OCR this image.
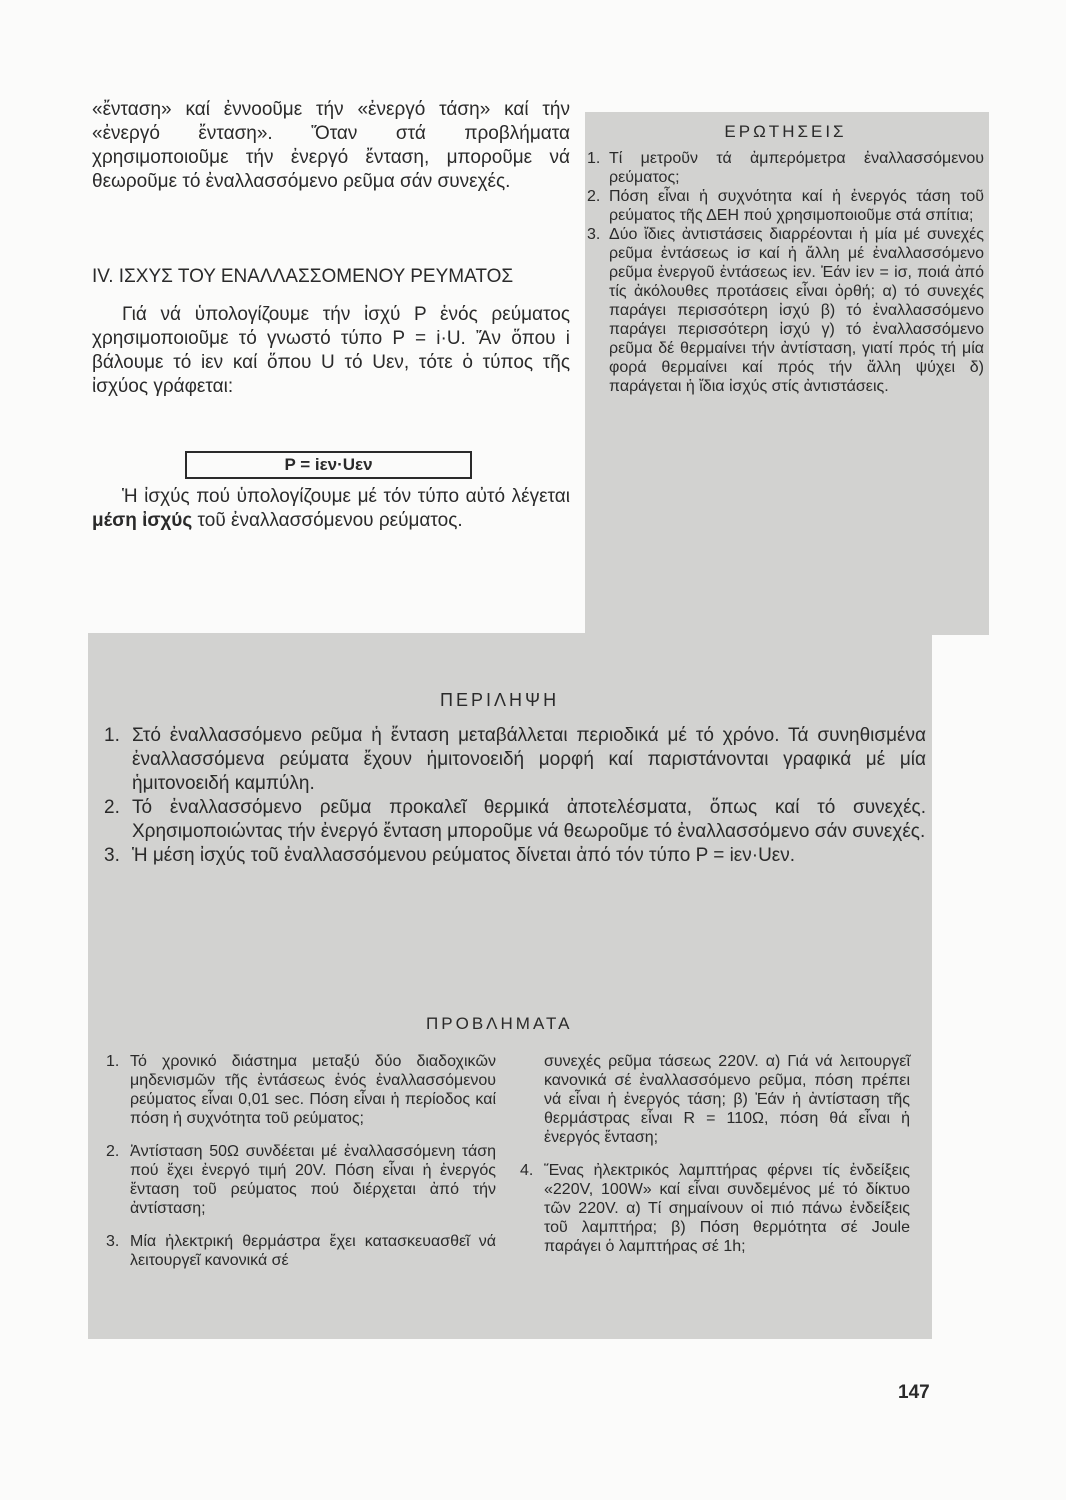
«ἔνταση» καί ἐννοοῦμε τήν «ἐνεργό τάση» καί τήν «ἐνεργό ἔνταση». Ὅταν στά προβλήματα χρησιμοποιοῦμε τήν ἐνεργό ἔνταση, μποροῦμε νά θεωροῦμε τό ἐναλλασσόμενο ρεῦμα σάν συνεχές.

IV. ΙΣΧΥΣ ΤΟΥ ΕΝΑΛΛΑΣΣΟΜΕΝΟΥ ΡΕΥΜΑΤΟΣ

Γιά νά ὑπολογίζουμε τήν ἰσχύ P ἑνός ρεύματος χρησιμοποιοῦμε τό γνωστό τύπο P = i·U. Ἄν ὅπου i βάλουμε τό iεν καί ὅπου U τό Uεν, τότε ὁ τύπος τῆς ἰσχύος γράφεται:

P = iεν·Uεν

Ἡ ἰσχύς πού ὑπολογίζουμε μέ τόν τύπο αὐτό λέγεται μέση ἰσχύς τοῦ ἐναλλασσόμενου ρεύματος.

ΕΡΩΤΗΣΕΙΣ

1. Τί μετροῦν τά ἀμπερόμετρα ἐναλλασσόμενου ρεύματος;

2. Πόση εἶναι ἡ συχνότητα καί ἡ ἐνεργός τάση τοῦ ρεύματος τῆς ΔΕΗ πού χρησιμοποιοῦμε στά σπίτια;

3. Δύο ἴδιες ἀντιστάσεις διαρρέονται ἡ μία μέ συνεχές ρεῦμα ἐντάσεως iσ καί ἡ ἄλλη μέ ἐναλλασσόμενο ρεῦμα ἐνεργοῦ ἐντάσεως iεν. Ἐάν iεν = iσ, ποιά ἀπό τίς ἀκόλουθες προτάσεις εἶναι ὀρθή; α) τό συνεχές παράγει περισσότερη ἰσχύ β) τό ἐναλλασσόμενο παράγει περισσότερη ἰσχύ γ) τό ἐναλλασσόμενο ρεῦμα δέ θερμαίνει τήν ἀντίσταση, γιατί πρός τή μία φορά θερμαίνει καί πρός τήν ἄλλη ψύχει δ) παράγεται ἡ ἴδια ἰσχύς στίς ἀντιστάσεις.

ΠΕΡΙΛΗΨΗ

1. Στό ἐναλλασσόμενο ρεῦμα ἡ ἔνταση μεταβάλλεται περιοδικά μέ τό χρόνο. Τά συνηθισμένα ἐναλλασσόμενα ρεύματα ἔχουν ἡμιτονοειδή μορφή καί παριστάνονται γραφικά μέ μία ἡμιτονοειδή καμπύλη.

2. Τό ἐναλλασσόμενο ρεῦμα προκαλεῖ θερμικά ἀποτελέσματα, ὅπως καί τό συνεχές. Χρησιμοποιώντας τήν ἐνεργό ἔνταση μποροῦμε νά θεωροῦμε τό ἐναλλασσόμενο σάν συνεχές.

3. Ἡ μέση ἰσχύς τοῦ ἐναλλασσόμενου ρεύματος δίνεται ἀπό τόν τύπο P = iεν·Uεν.

ΠΡΟΒΛΗΜΑΤΑ

1. Τό χρονικό διάστημα μεταξύ δύο διαδοχικῶν μηδενισμῶν τῆς ἐντάσεως ἑνός ἐναλλασσόμενου ρεύματος εἶναι 0,01 sec. Πόση εἶναι ἡ περίοδος καί πόση ἡ συχνότητα τοῦ ρεύματος;

2. Ἀντίσταση 50Ω συνδέεται μέ ἐναλλασσόμενη τάση πού ἔχει ἐνεργό τιμή 20V. Πόση εἶναι ἡ ἐνεργός ἔνταση τοῦ ρεύματος πού διέρχεται ἀπό τήν ἀντίσταση;

3. Μία ἠλεκτρική θερμάστρα ἔχει κατασκευασθεῖ νά λειτουργεῖ κανονικά σέ

συνεχές ρεῦμα τάσεως 220V. α) Γιά νά λειτουργεῖ κανονικά σέ ἐναλλασσόμενο ρεῦμα, πόση πρέπει νά εἶναι ἡ ἐνεργός τάση; β) Ἐάν ἡ ἀντίσταση τῆς θερμάστρας εἶναι R = 110Ω, πόση θά εἶναι ἡ ἐνεργός ἔνταση;

4. Ἕνας ἠλεκτρικός λαμπτήρας φέρνει τίς ἐνδείξεις «220V, 100W» καί εἶναι συνδεμένος μέ τό δίκτυο τῶν 220V. α) Τί σημαίνουν οἱ πιό πάνω ἐνδείξεις τοῦ λαμπτήρα; β) Πόση θερμότητα σέ Joule παράγει ὁ λαμπτήρας σέ 1h;

147
